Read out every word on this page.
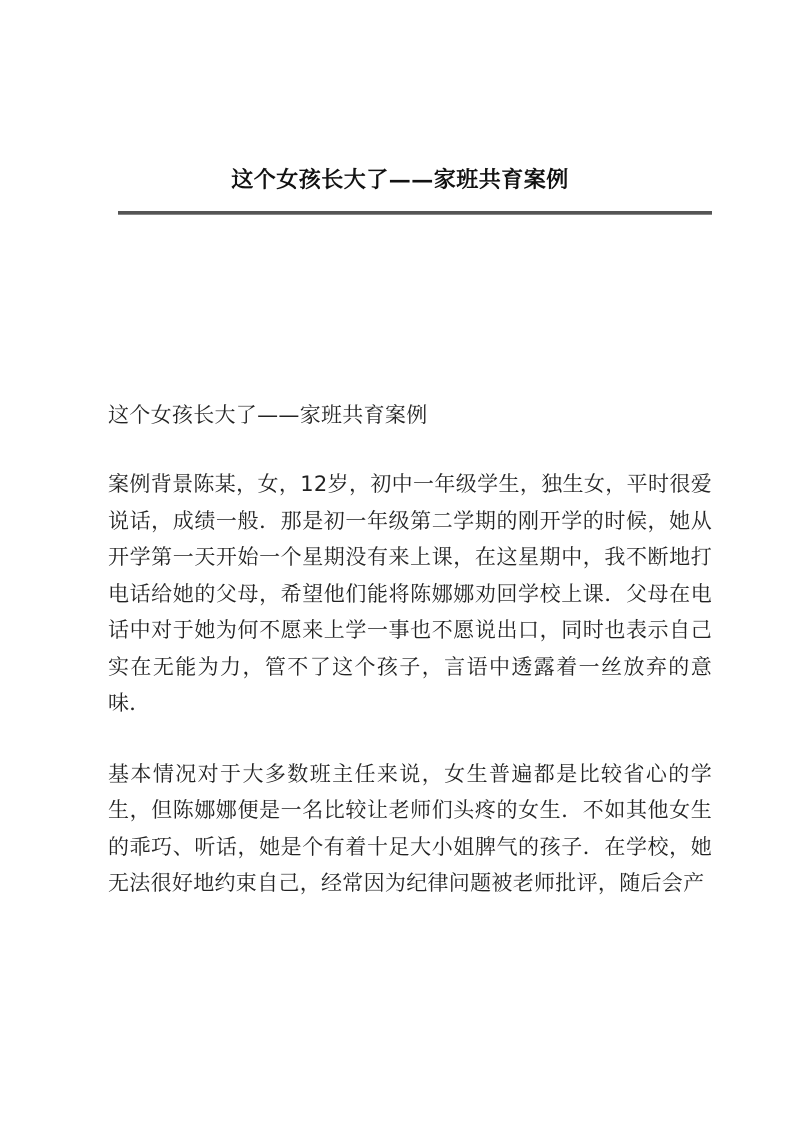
这个女孩长大了——家班共育案例

这个女孩长大了——家班共育案例

案例背景陈某，女，12岁，初中一年级学生，独生女，平时很爱说话，成绩一般．那是初一年级第二学期的刚开学的时候，她从开学第一天开始一个星期没有来上课，在这星期中，我不断地打电话给她的父母，希望他们能将陈娜娜劝回学校上课．父母在电话中对于她为何不愿来上学一事也不愿说出口，同时也表示自己实在无能为力，管不了这个孩子，言语中透露着一丝放弃的意味．

基本情况对于大多数班主任来说，女生普遍都是比较省心的学生，但陈娜娜便是一名比较让老师们头疼的女生．不如其他女生的乖巧、听话，她是个有着十足大小姐脾气的孩子．在学校，她无法很好地约束自己，经常因为纪律问题被老师批评，随后会产
